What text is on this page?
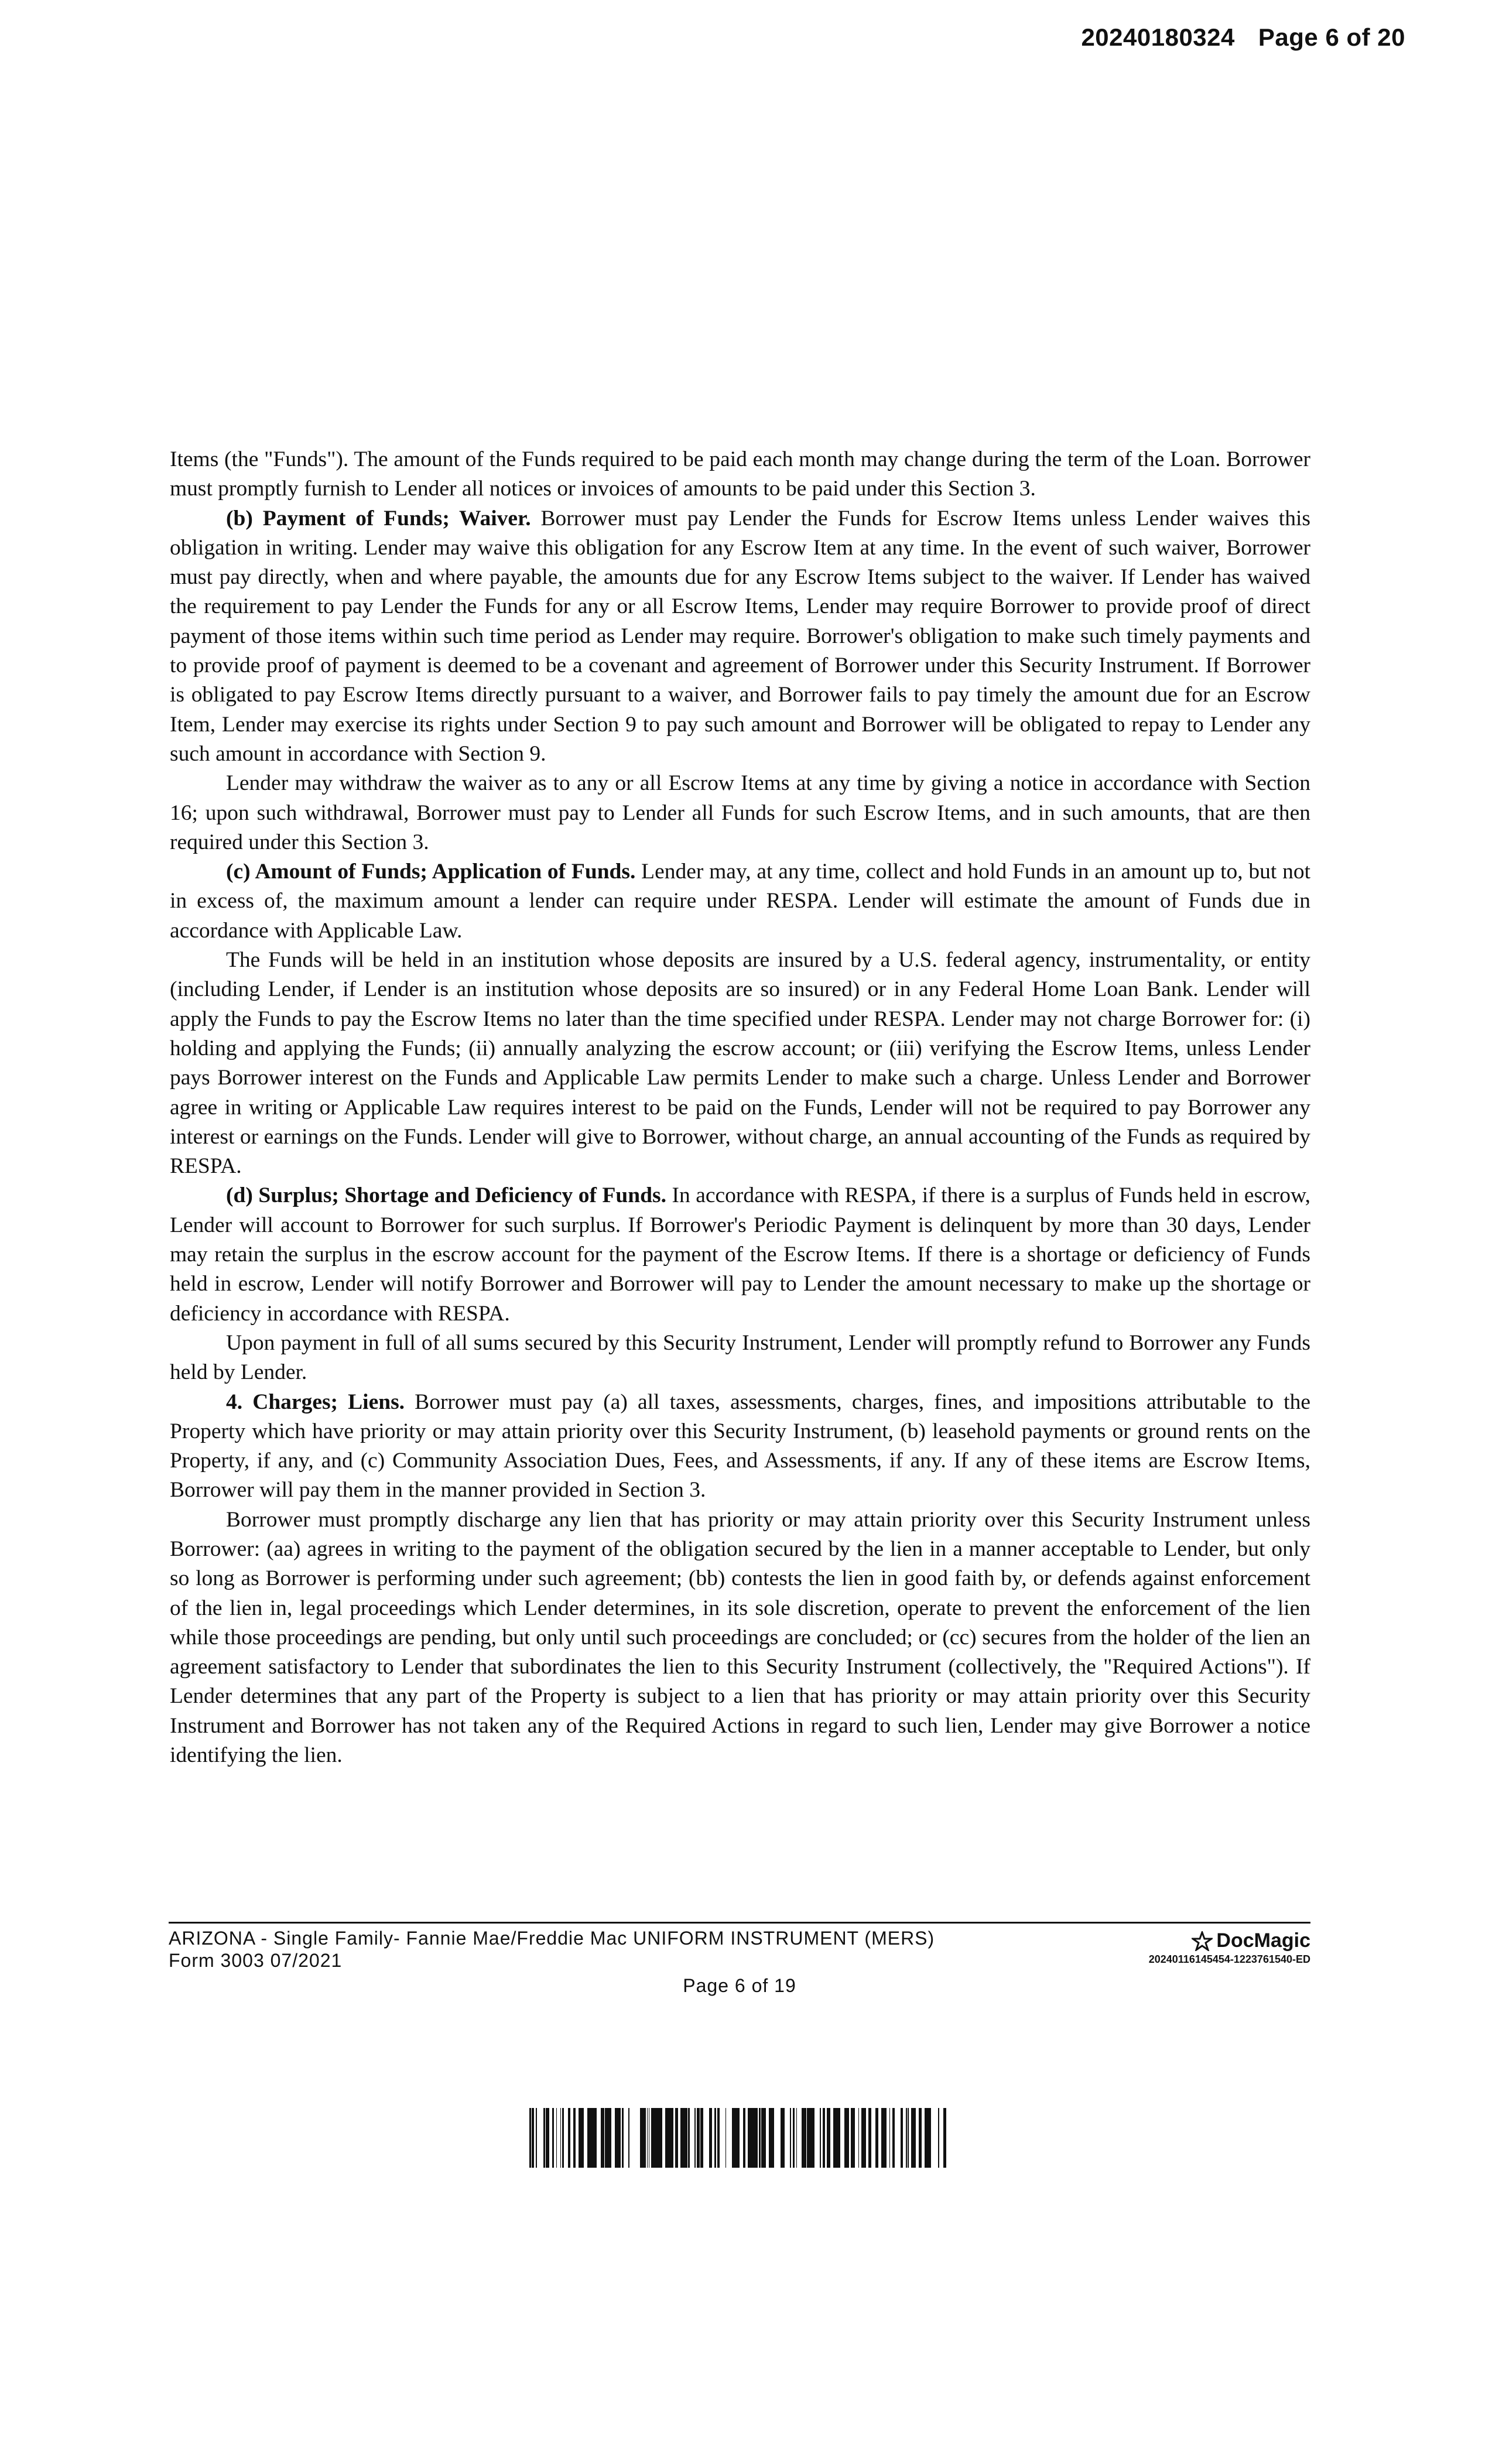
20240180324 Page 6 of 20

Items (the "Funds"). The amount of the Funds required to be paid each month may change during the term of the Loan. Borrower must promptly furnish to Lender all notices or invoices of amounts to be paid under this Section 3.

(b) Payment of Funds; Waiver. Borrower must pay Lender the Funds for Escrow Items unless Lender waives this obligation in writing. Lender may waive this obligation for any Escrow Item at any time. In the event of such waiver, Borrower must pay directly, when and where payable, the amounts due for any Escrow Items subject to the waiver. If Lender has waived the requirement to pay Lender the Funds for any or all Escrow Items, Lender may require Borrower to provide proof of direct payment of those items within such time period as Lender may require. Borrower's obligation to make such timely payments and to provide proof of payment is deemed to be a covenant and agreement of Borrower under this Security Instrument. If Borrower is obligated to pay Escrow Items directly pursuant to a waiver, and Borrower fails to pay timely the amount due for an Escrow Item, Lender may exercise its rights under Section 9 to pay such amount and Borrower will be obligated to repay to Lender any such amount in accordance with Section 9.

Lender may withdraw the waiver as to any or all Escrow Items at any time by giving a notice in accordance with Section 16; upon such withdrawal, Borrower must pay to Lender all Funds for such Escrow Items, and in such amounts, that are then required under this Section 3.

(c) Amount of Funds; Application of Funds. Lender may, at any time, collect and hold Funds in an amount up to, but not in excess of, the maximum amount a lender can require under RESPA. Lender will estimate the amount of Funds due in accordance with Applicable Law.

The Funds will be held in an institution whose deposits are insured by a U.S. federal agency, instrumentality, or entity (including Lender, if Lender is an institution whose deposits are so insured) or in any Federal Home Loan Bank. Lender will apply the Funds to pay the Escrow Items no later than the time specified under RESPA. Lender may not charge Borrower for: (i) holding and applying the Funds; (ii) annually analyzing the escrow account; or (iii) verifying the Escrow Items, unless Lender pays Borrower interest on the Funds and Applicable Law permits Lender to make such a charge. Unless Lender and Borrower agree in writing or Applicable Law requires interest to be paid on the Funds, Lender will not be required to pay Borrower any interest or earnings on the Funds. Lender will give to Borrower, without charge, an annual accounting of the Funds as required by RESPA.

(d) Surplus; Shortage and Deficiency of Funds. In accordance with RESPA, if there is a surplus of Funds held in escrow, Lender will account to Borrower for such surplus. If Borrower's Periodic Payment is delinquent by more than 30 days, Lender may retain the surplus in the escrow account for the payment of the Escrow Items. If there is a shortage or deficiency of Funds held in escrow, Lender will notify Borrower and Borrower will pay to Lender the amount necessary to make up the shortage or deficiency in accordance with RESPA.

Upon payment in full of all sums secured by this Security Instrument, Lender will promptly refund to Borrower any Funds held by Lender.

4. Charges; Liens. Borrower must pay (a) all taxes, assessments, charges, fines, and impositions attributable to the Property which have priority or may attain priority over this Security Instrument, (b) leasehold payments or ground rents on the Property, if any, and (c) Community Association Dues, Fees, and Assessments, if any. If any of these items are Escrow Items, Borrower will pay them in the manner provided in Section 3.

Borrower must promptly discharge any lien that has priority or may attain priority over this Security Instrument unless Borrower: (aa) agrees in writing to the payment of the obligation secured by the lien in a manner acceptable to Lender, but only so long as Borrower is performing under such agreement; (bb) contests the lien in good faith by, or defends against enforcement of the lien in, legal proceedings which Lender determines, in its sole discretion, operate to prevent the enforcement of the lien while those proceedings are pending, but only until such proceedings are concluded; or (cc) secures from the holder of the lien an agreement satisfactory to Lender that subordinates the lien to this Security Instrument (collectively, the "Required Actions"). If Lender determines that any part of the Property is subject to a lien that has priority or may attain priority over this Security Instrument and Borrower has not taken any of the Required Actions in regard to such lien, Lender may give Borrower a notice identifying the lien.

ARIZONA - Single Family- Fannie Mae/Freddie Mac UNIFORM INSTRUMENT (MERS)
Form 3003 07/2021
DocMagic
20240116145454-1223761540-ED
Page 6 of 19
